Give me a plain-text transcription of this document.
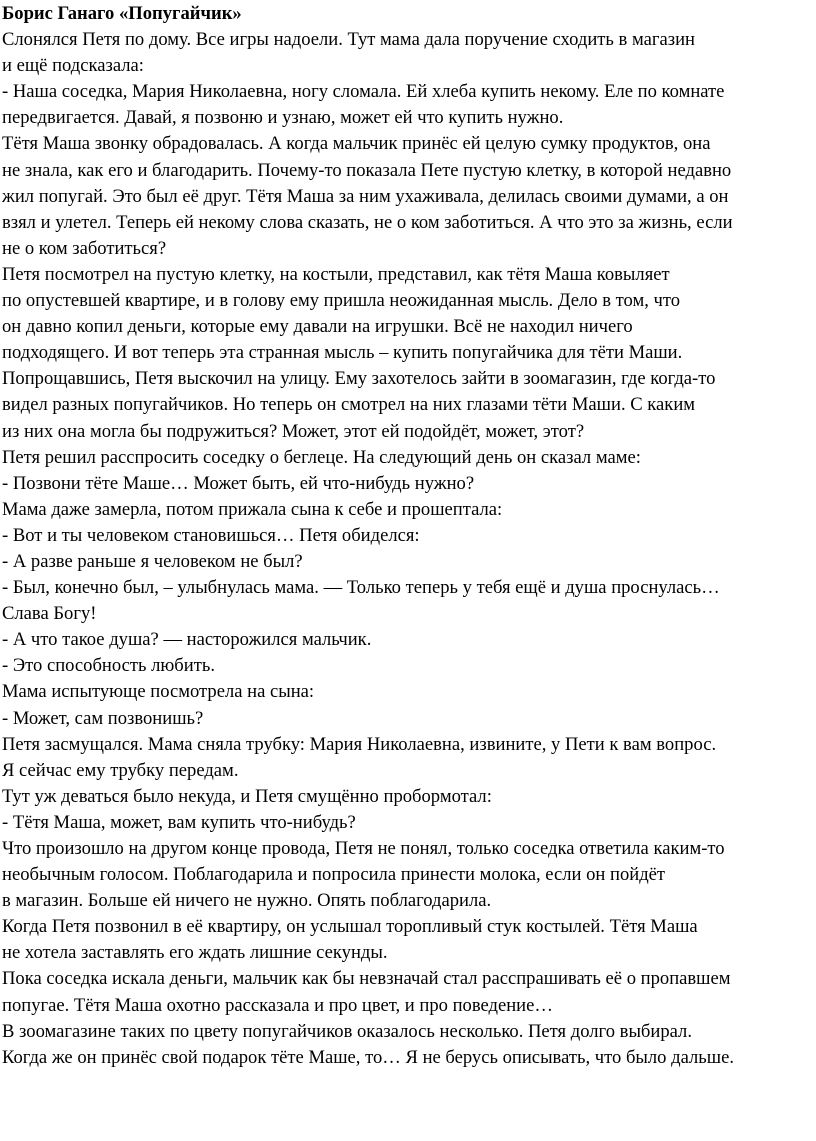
Борис Ганаго «Попугайчик»
Слонялся Петя по дому. Все игры надоели. Тут мама дала поручение сходить в магазин
и ещё подсказала:
- Наша соседка, Мария Николаевна, ногу сломала. Ей хлеба купить некому. Еле по комнате
передвигается. Давай, я позвоню и узнаю, может ей что купить нужно.
Тётя Маша звонку обрадовалась. А когда мальчик принёс ей целую сумку продуктов, она
не знала, как его и благодарить. Почему-то показала Пете пустую клетку, в которой недавно
жил попугай. Это был её друг. Тётя Маша за ним ухаживала, делилась своими думами, а он
взял и улетел. Теперь ей некому слова сказать, не о ком заботиться. А что это за жизнь, если
не о ком заботиться?
Петя посмотрел на пустую клетку, на костыли, представил, как тётя Маша ковыляет
по опустевшей квартире, и в голову ему пришла неожиданная мысль. Дело в том, что
он давно копил деньги, которые ему давали на игрушки. Всё не находил ничего
подходящего. И вот теперь эта странная мысль – купить попугайчика для тёти Маши.
Попрощавшись, Петя выскочил на улицу. Ему захотелось зайти в зоомагазин, где когда-то
видел разных попугайчиков. Но теперь он смотрел на них глазами тёти Маши. С каким
из них она могла бы подружиться? Может, этот ей подойдёт, может, этот?
Петя решил расспросить соседку о беглеце. На следующий день он сказал маме:
- Позвони тёте Маше… Может быть, ей что-нибудь нужно?
Мама даже замерла, потом прижала сына к себе и прошептала:
- Вот и ты человеком становишься… Петя обиделся:
- А разве раньше я человеком не был?
- Был, конечно был, – улыбнулась мама. — Только теперь у тебя ещё и душа проснулась…
Слава Богу!
- А что такое душа? — насторожился мальчик.
- Это способность любить.
Мама испытующе посмотрела на сына:
- Может, сам позвонишь?
Петя засмущался. Мама сняла трубку: Мария Николаевна, извините, у Пети к вам вопрос.
Я сейчас ему трубку передам.
Тут уж деваться было некуда, и Петя смущённо пробормотал:
- Тётя Маша, может, вам купить что-нибудь?
Что произошло на другом конце провода, Петя не понял, только соседка ответила каким-то
необычным голосом. Поблагодарила и попросила принести молока, если он пойдёт
в магазин. Больше ей ничего не нужно. Опять поблагодарила.
Когда Петя позвонил в её квартиру, он услышал торопливый стук костылей. Тётя Маша
не хотела заставлять его ждать лишние секунды.
Пока соседка искала деньги, мальчик как бы невзначай стал расспрашивать её о пропавшем
попугае. Тётя Маша охотно рассказала и про цвет, и про поведение…
В зоомагазине таких по цвету попугайчиков оказалось несколько. Петя долго выбирал.
Когда же он принёс свой подарок тёте Маше, то… Я не берусь описывать, что было дальше.
